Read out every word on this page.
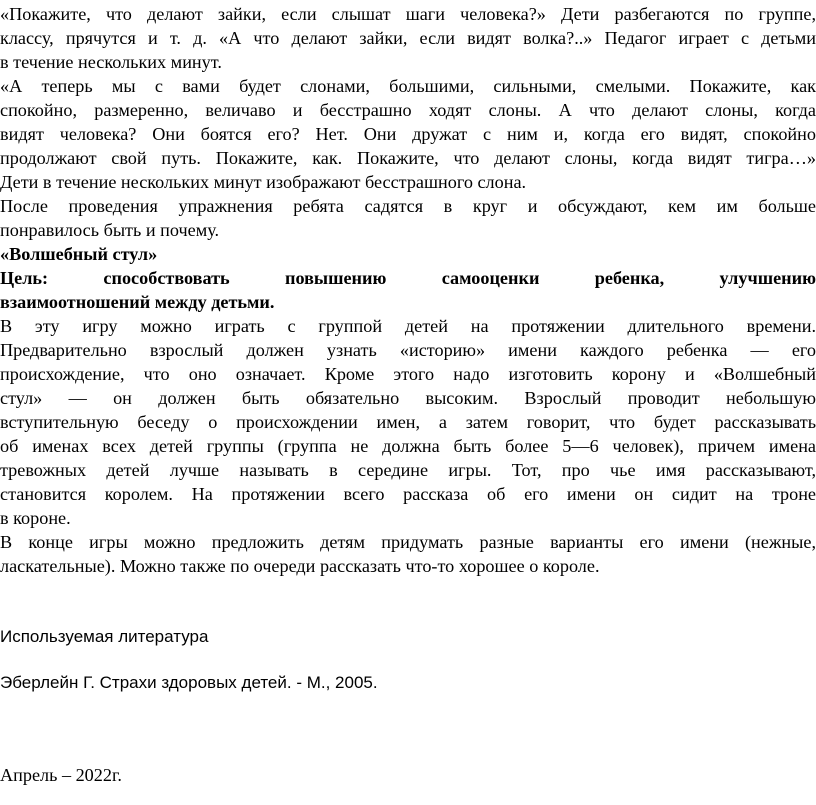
«Покажите, что делают зайки, если слышат шаги человека?» Дети разбегаются по группе,

классу, прячутся и т. д. «А что делают зайки, если видят волка?..» Педагог играет с детьми

в течение нескольких минут.

«А теперь мы с вами будет слонами, большими, сильными, смелыми. Покажите, как

спокойно, размеренно, величаво и бесстрашно ходят слоны. А что делают слоны, когда

видят человека? Они боятся его? Нет. Они дружат с ним и, когда его видят, спокойно

продолжают свой путь. Покажите, как. Покажите, что делают слоны, когда видят тигра…»

Дети в течение нескольких минут изображают бесстрашного слона.

После проведения упражнения ребята садятся в круг и обсуждают, кем им больше

понравилось быть и почему.

«Волшебный стул»

Цель: способствовать повышению самооценки ребенка, улучшению

взаимоотношений между детьми.

В эту игру можно играть с группой детей на протяжении длительного времени.

Предварительно взрослый должен узнать «историю» имени каждого ребенка — его

происхождение, что оно означает. Кроме этого надо изготовить корону и «Волшебный

стул» — он должен быть обязательно высоким. Взрослый проводит небольшую

вступительную беседу о происхождении имен, а затем говорит, что будет рассказывать

об именах всех детей группы (группа не должна быть более 5—6 человек), причем имена

тревожных детей лучше называть в середине игры. Тот, про чье имя рассказывают,

становится королем. На протяжении всего рассказа об его имени он сидит на троне

в короне.

В конце игры можно предложить детям придумать разные варианты его имени (нежные,

ласкательные). Можно также по очереди рассказать что-то хорошее о короле.

Используемая литература

Эберлейн Г. Страхи здоровых детей. - М., 2005.

Апрель – 2022г.
